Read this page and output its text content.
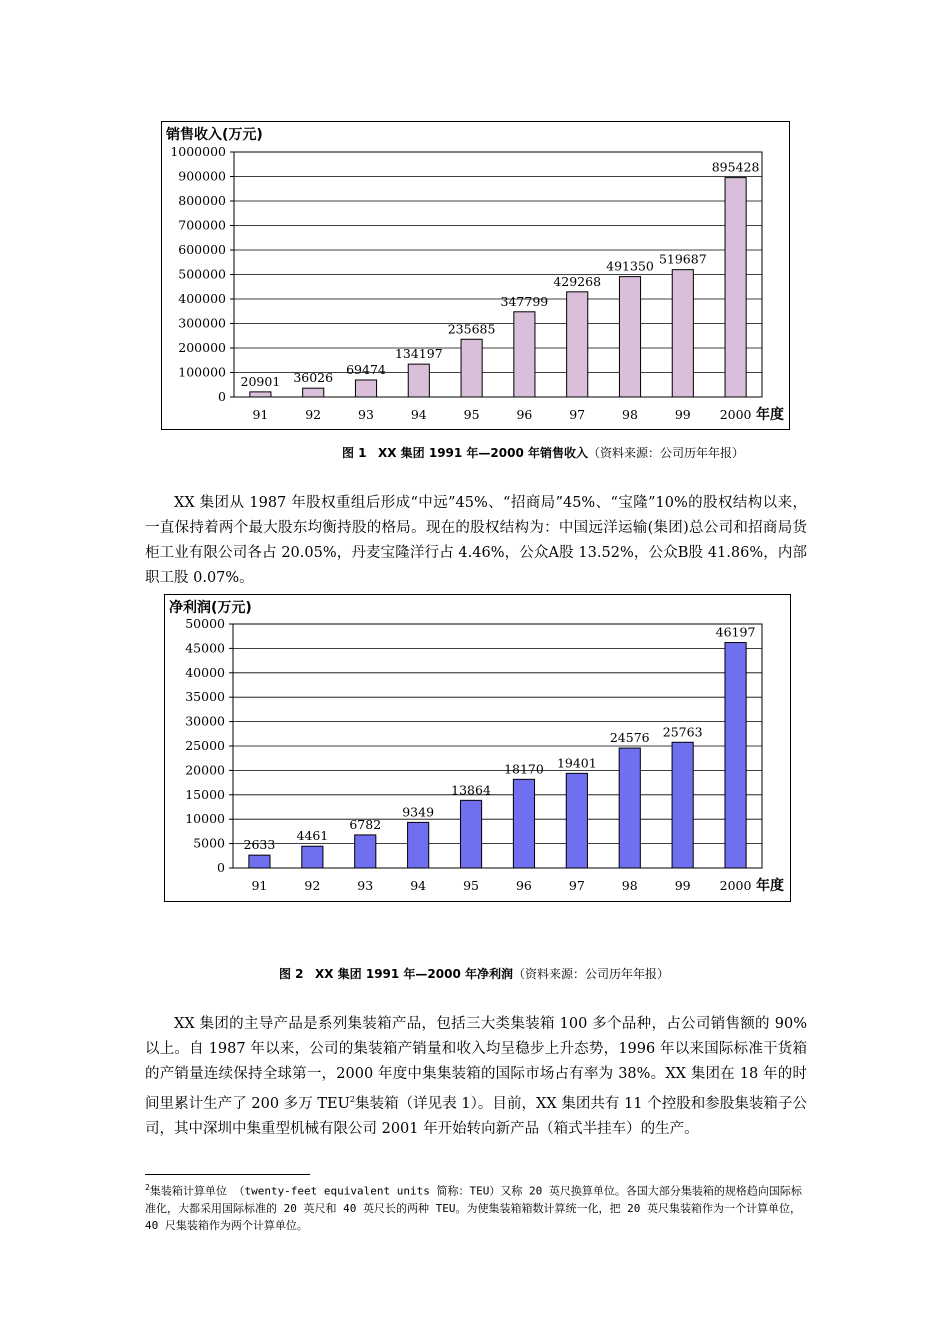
销售收入(万元)
0
100000
200000
300000
400000
500000
600000
700000
800000
900000
1000000
20901
91
36026
92
69474
93
134197
94
235685
95
347799
96
429268
97
491350
98
519687
99
895428
2000 年度
图 1 XX 集团 1991 年—2000 年销售收入（资料来源：公司历年年报）

XX 集团从 1987 年股权重组后形成“中远”45%、“招商局”45%、“宝隆”10%的股权结构以来，一直保持着两个最大股东均衡持股的格局。现在的股权结构为：中国远洋运输(集团)总公司和招商局货柜工业有限公司各占 20.05%，丹麦宝隆洋行占 4.46%，公众A股 13.52%，公众B股 41.86%，内部职工股 0.07%。

净利润(万元)
0
5000
10000
15000
20000
25000
30000
35000
40000
45000
50000
2633
91
4461
92
6782
93
9349
94
13864
95
18170
96
19401
97
24576
98
25763
99
46197
2000 年度
图 2 XX 集团 1991 年—2000 年净利润（资料来源：公司历年年报）

XX 集团的主导产品是系列集装箱产品，包括三大类集装箱 100 多个品种，占公司销售额的 90%以上。自 1987 年以来，公司的集装箱产销量和收入均呈稳步上升态势，1996 年以来国际标准干货箱的产销量连续保持全球第一，2000 年度中集集装箱的国际市场占有率为 38%。XX 集团在 18 年的时间里累计生产了 200 多万 TEU$^2$集装箱（详见表 1）。目前，XX 集团共有 11 个控股和参股集装箱子公司，其中深圳中集重型机械有限公司 2001 年开始转向新产品（箱式半挂车）的生产。

$^2$集装箱计算单位 （twenty-feet equivalent units 简称：TEU）又称 20 英尺换算单位。各国大部分集装箱的规格趋向国际标准化，大都采用国际标准的 20 英尺和 40 英尺长的两种 TEU。为使集装箱箱数计算统一化，把 20 英尺集装箱作为一个计算单位，40 尺集装箱作为两个计算单位。
